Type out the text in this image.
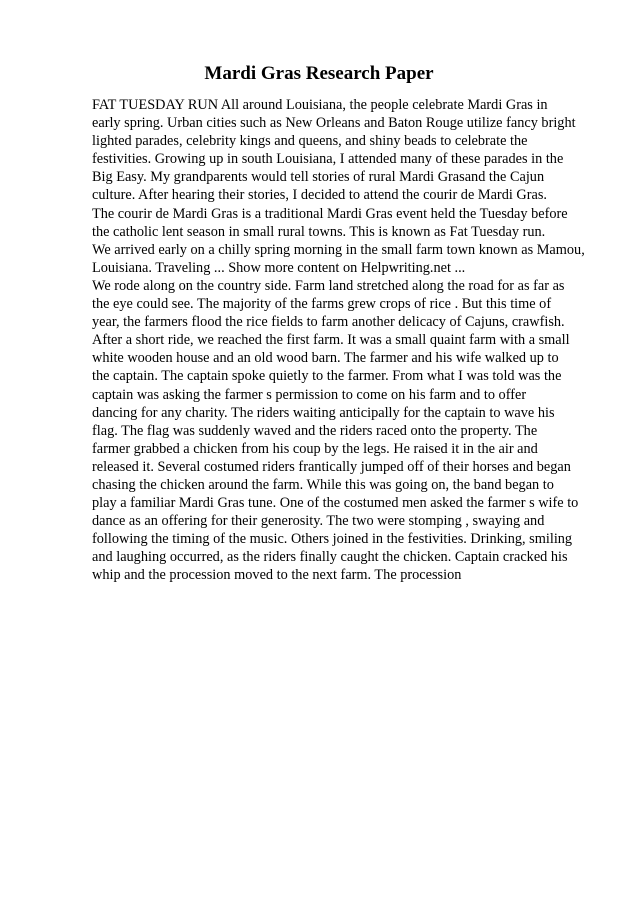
Mardi Gras Research Paper
FAT TUESDAY RUN All around Louisiana, the people celebrate Mardi Gras in
early spring. Urban cities such as New Orleans and Baton Rouge utilize fancy bright
lighted parades, celebrity kings and queens, and shiny beads to celebrate the
festivities. Growing up in south Louisiana, I attended many of these parades in the
Big Easy. My grandparents would tell stories of rural Mardi Grasand the Cajun
culture. After hearing their stories, I decided to attend the courir de Mardi Gras.
The courir de Mardi Gras is a traditional Mardi Gras event held the Tuesday before
the catholic lent season in small rural towns. This is known as Fat Tuesday run.
We arrived early on a chilly spring morning in the small farm town known as Mamou,
Louisiana. Traveling ... Show more content on Helpwriting.net ...
We rode along on the country side. Farm land stretched along the road for as far as
the eye could see. The majority of the farms grew crops of rice . But this time of
year, the farmers flood the rice fields to farm another delicacy of Cajuns, crawfish.
After a short ride, we reached the first farm. It was a small quaint farm with a small
white wooden house and an old wood barn. The farmer and his wife walked up to
the captain. The captain spoke quietly to the farmer. From what I was told was the
captain was asking the farmer s permission to come on his farm and to offer
dancing for any charity. The riders waiting anticipally for the captain to wave his
flag. The flag was suddenly waved and the riders raced onto the property. The
farmer grabbed a chicken from his coup by the legs. He raised it in the air and
released it. Several costumed riders frantically jumped off of their horses and began
chasing the chicken around the farm. While this was going on, the band began to
play a familiar Mardi Gras tune. One of the costumed men asked the farmer s wife to
dance as an offering for their generosity. The two were stomping , swaying and
following the timing of the music. Others joined in the festivities. Drinking, smiling
and laughing occurred, as the riders finally caught the chicken. Captain cracked his
whip and the procession moved to the next farm. The procession
